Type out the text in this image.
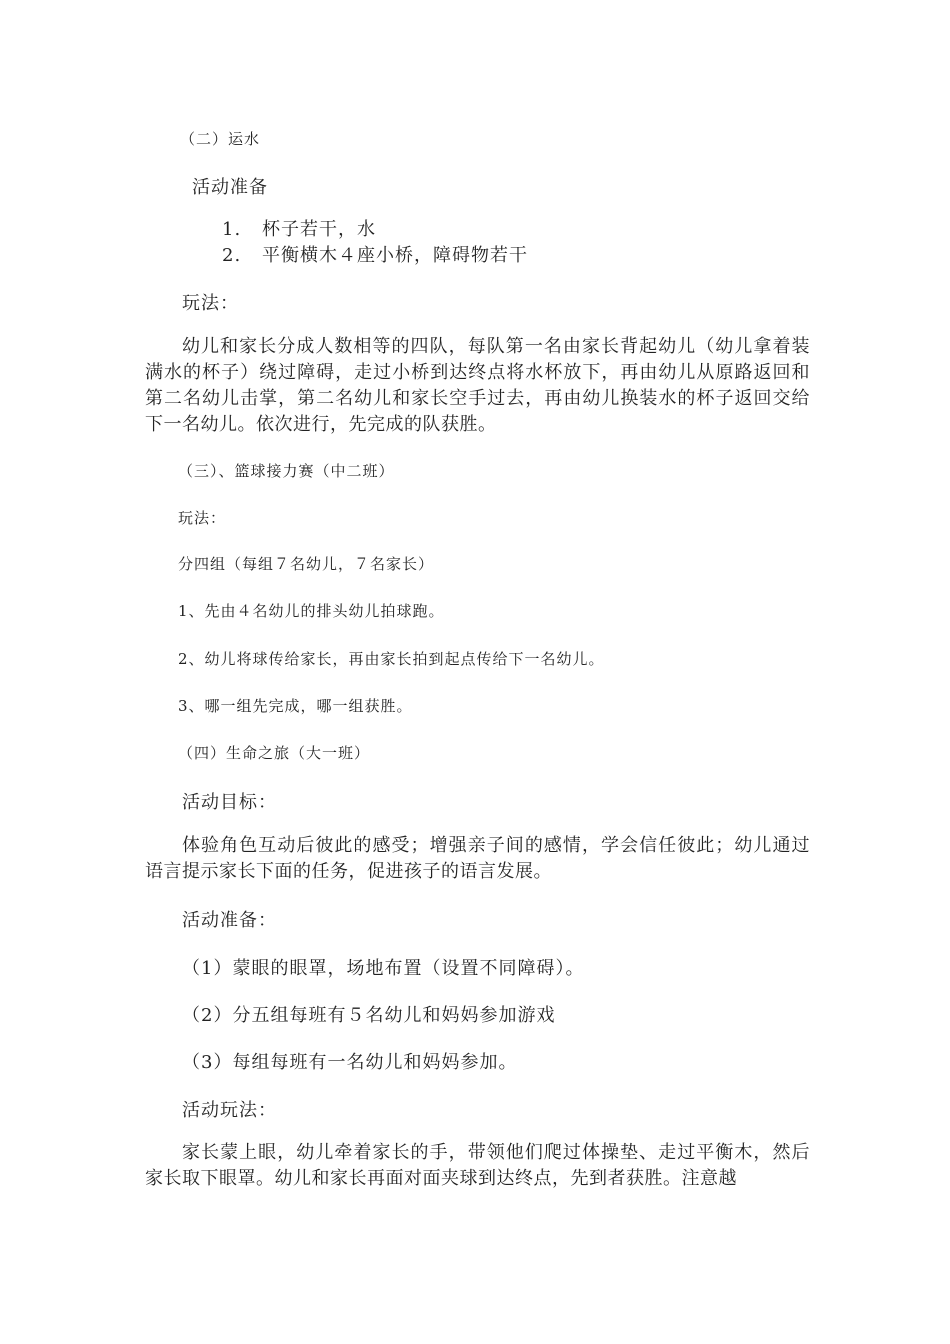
（二）运水
活动准备
1. 杯子若干，水
2. 平衡横木４座小桥，障碍物若干
玩法：
幼儿和家长分成人数相等的四队，每队第一名由家长背起幼儿（幼儿拿着装满水的杯子）绕过障碍，走过小桥到达终点将水杯放下，再由幼儿从原路返回和第二名幼儿击掌，第二名幼儿和家长空手过去，再由幼儿换装水的杯子返回交给下一名幼儿。依次进行，先完成的队获胜。
（三）、篮球接力赛（中二班）
玩法：
分四组（每组７名幼儿，７名家长）
1、先由４名幼儿的排头幼儿拍球跑。
2、幼儿将球传给家长，再由家长拍到起点传给下一名幼儿。
3、哪一组先完成，哪一组获胜。
（四）生命之旅（大一班）
活动目标：
体验角色互动后彼此的感受；增强亲子间的感情，学会信任彼此；幼儿通过语言提示家长下面的任务，促进孩子的语言发展。
活动准备：
（1）蒙眼的眼罩，场地布置（设置不同障碍）。
（2）分五组每班有５名幼儿和妈妈参加游戏
（3）每组每班有一名幼儿和妈妈参加。
活动玩法：
家长蒙上眼，幼儿牵着家长的手，带领他们爬过体操垫、走过平衡木，然后家长取下眼罩。幼儿和家长再面对面夹球到达终点，先到者获胜。注意越
